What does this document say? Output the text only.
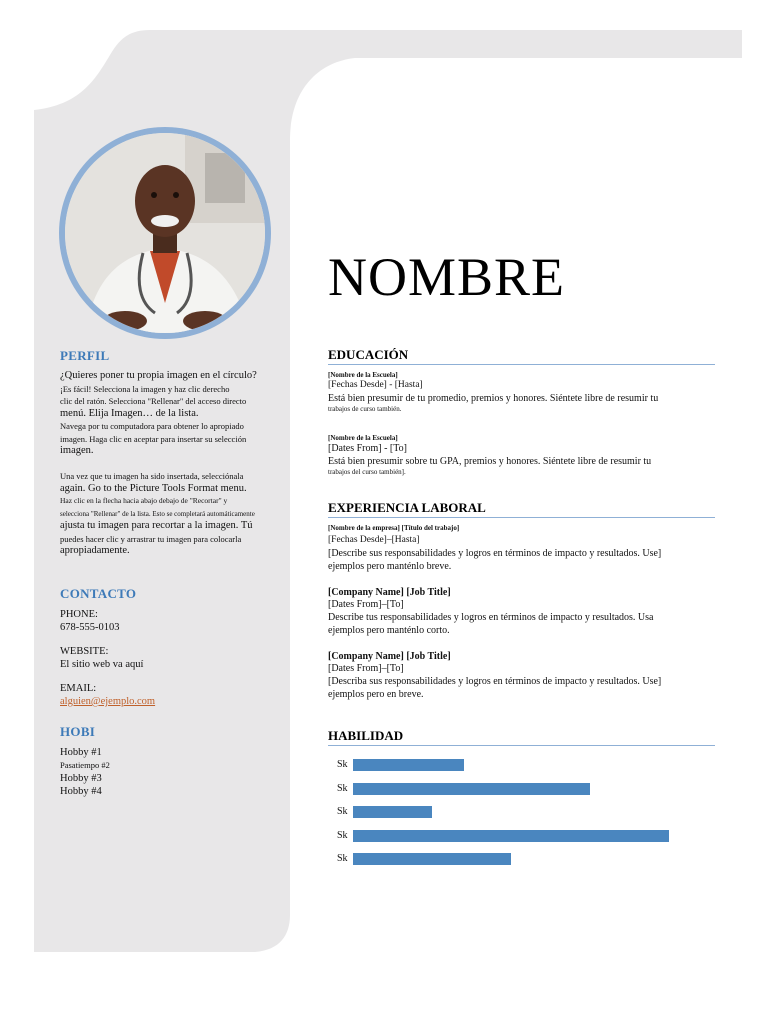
PERFIL
¿Quieres poner tu propia imagen en el círculo?
¡Es fácil! Selecciona la imagen y haz clic derecho
clic del ratón. Selecciona "Rellenar" del acceso directo
menú. Elija Imagen… de la lista.
Navega por tu computadora para obtener lo apropiado
imagen. Haga clic en aceptar para insertar su selección
imagen.
Una vez que tu imagen ha sido insertada, selecciónala
again. Go to the Picture Tools Format menu.
Haz clic en la flecha hacia abajo debajo de "Recortar" y
selecciona "Rellenar" de la lista. Esto se completará automáticamente
ajusta tu imagen para recortar a la imagen. Tú
puedes hacer clic y arrastrar tu imagen para colocarla
apropiadamente.
CONTACTO
PHONE:
678-555-0103
WEBSITE:
El sitio web va aquí
EMAIL:
alguien@ejemplo.com
HOBI
Hobby #1
Pasatiempo #2
Hobby #3
Hobby #4
NOMBRE
EDUCACIÓN
[Nombre de la Escuela]
[Fechas Desde] - [Hasta]
Está bien presumir de tu promedio, premios y honores. Siéntete libre de resumir tu
trabajos de curso también.
[Nombre de la Escuela]
[Dates From] - [To]
Está bien presumir sobre tu GPA, premios y honores. Siéntete libre de resumir tu
trabajos del curso también].
EXPERIENCIA LABORAL
[Nombre de la empresa] [Título del trabajo]
[Fechas Desde]–[Hasta]
[Describe sus responsabilidades y logros en términos de impacto y resultados. Use]
ejemplos pero manténlo breve.
[Company Name] [Job Title]
[Dates From]–[To]
Describe tus responsabilidades y logros en términos de impacto y resultados. Usa
ejemplos pero manténlo corto.
[Company Name] [Job Title]
[Dates From]–[To]
[Describa sus responsabilidades y logros en términos de impacto y resultados. Use]
ejemplos pero en breve.
HABILIDAD
Sk
Sk
Sk
Sk
Sk
